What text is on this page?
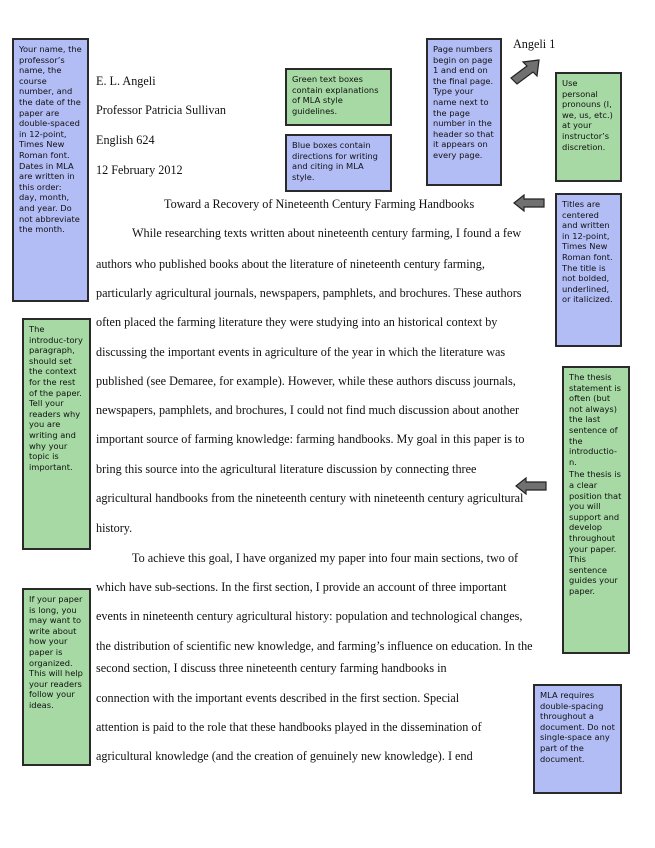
Angeli 1
E. L. Angeli
Professor Patricia Sullivan
English 624
12 February 2012
Toward a Recovery of Nineteenth Century Farming Handbooks
While researching texts written about nineteenth century farming, I found a few
authors who published books about the literature of nineteenth century farming,
particularly agricultural journals, newspapers, pamphlets, and brochures. These authors
often placed the farming literature they were studying into an historical context by
discussing the important events in agriculture of the year in which the literature was
published (see Demaree, for example). However, while these authors discuss journals,
newspapers, pamphlets, and brochures, I could not find much discussion about another
important source of farming knowledge: farming handbooks. My goal in this paper is to
bring this source into the agricultural literature discussion by connecting three
agricultural handbooks from the nineteenth century with nineteenth century agricultural
history.
To achieve this goal, I have organized my paper into four main sections, two of
which have sub-sections. In the first section, I provide an account of three important
events in nineteenth century agricultural history: population and technological changes,
the distribution of scientific new knowledge, and farming’s influence on education. In the
second section, I discuss three nineteenth century farming handbooks in
connection with the important events described in the first section. Special
attention is paid to the role that these handbooks played in the dissemination of
agricultural knowledge (and the creation of genuinely new knowledge). I end

Your name, the professor’s name, the course number, and the date of the paper are double-spaced in 12-point, Times New Roman font. Dates in MLA are written in this order: day, month, and year. Do not abbreviate the month.

Green text boxes contain explanations of MLA style guidelines.

Blue boxes contain directions for writing and citing in MLA style.

Page numbers begin on page 1 and end on the final page. Type your name next to the page number in the header so that it appears on every page.

Use personal pronouns (I, we, us, etc.) at your instructor’s discretion.

Titles are centered and written in 12-point, Times New Roman font. The title is not bolded, underlined, or italicized.

The introduc-tory paragraph, should set the context for the rest of the paper. Tell your readers why you are writing and why your topic is important.

The thesis statement is often (but not always) the last sentence of the introductio-n.

The thesis is a clear position that you will support and develop throughout your paper. This sentence guides your paper.

If your paper is long, you may want to write about how your paper is organized. This will help your readers follow your ideas.

MLA requires double-spacing throughout a document. Do not single-space any part of the document.
